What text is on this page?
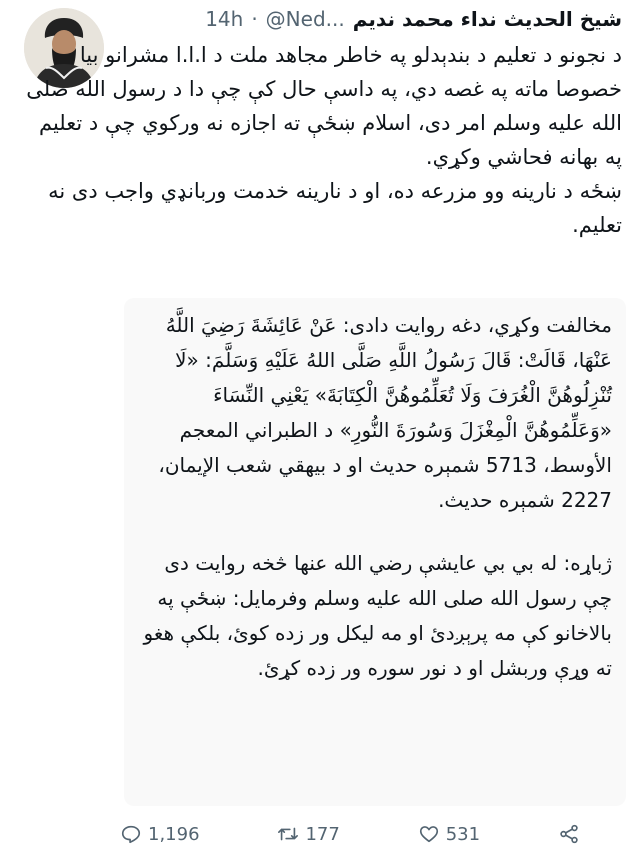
شيخ الحديث نداء محمد نديم
@Ned...
·
14h

د نجونو د تعلیم د بندېدلو په خاطر مجاهد ملت د ا.ا.ا مشرانو بیا خصوصا ماته په غصه دي، په داسې حال کې چې دا د رسول الله صلی الله علیه وسلم امر دی، اسلام ښځې ته اجازه نه ورکوي چې د تعلیم په بهانه فحاشي وکړي.

ښځه د نارینه وو مزرعه ده، او د نارینه خدمت وربانډي واجب دی نه تعلیم.

مخالفت وکړي، دغه روایت دادی: عَنْ عَائِشَةَ رَضِيَ اللَّهُ عَنْهَا، قَالَتْ: قَالَ رَسُولُ اللَّهِ صَلَّى اللهُ عَلَيْهِ وَسَلَّمَ: «لَا تُنْزِلُوهُنَّ الْغُرَفَ وَلَا تُعَلِّمُوهُنَّ الْكِتَابَةَ» يَعْنِي النِّسَاءَ «وَعَلِّمُوهُنَّ الْمِغْزَلَ وَسُورَةَ النُّورِ» د الطبراني المعجم الأوسط، 5713 شمېره حدیث او د بیهقي شعب الإيمان، 2227 شمېره حدیث.

ژباړه: له بي بي عایشې رضي الله عنها څخه روایت دی چې رسول الله صلی الله علیه وسلم وفرمایل: ښځې په بالاخانو کې مه پرېږدئ او مه لیکل ور زده کوئ، بلکې هغو ته وړې وربشل او د نور سوره ور زده کړئ.

1,196	177	531
